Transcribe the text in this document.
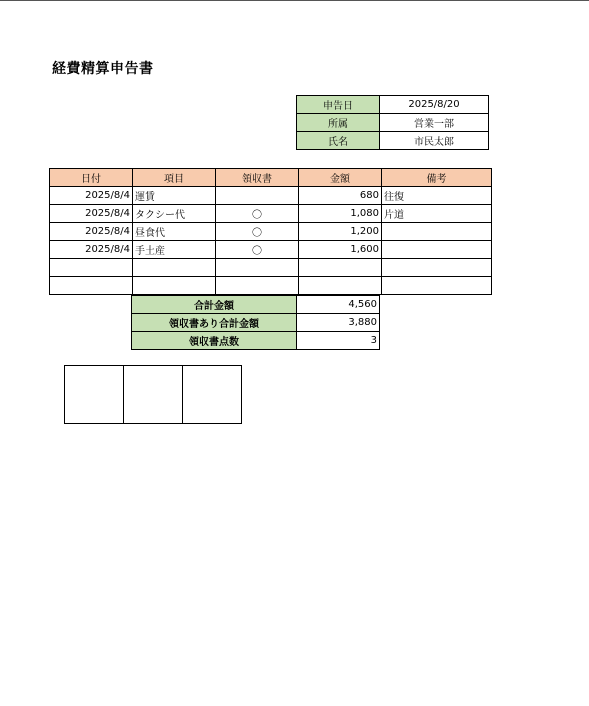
経費精算申告書
申告日	2025/8/20
所属	営業一部
氏名	市民太郎
日付	項目	領収書	金額	備考
2025/8/4	運賃		680	往復
2025/8/4	タクシー代	〇	1,080	片道
2025/8/4	昼食代	〇	1,200	
2025/8/4	手土産	〇	1,600	

合計金額	4,560
領収書あり合計金額	3,880
領収書点数	3
